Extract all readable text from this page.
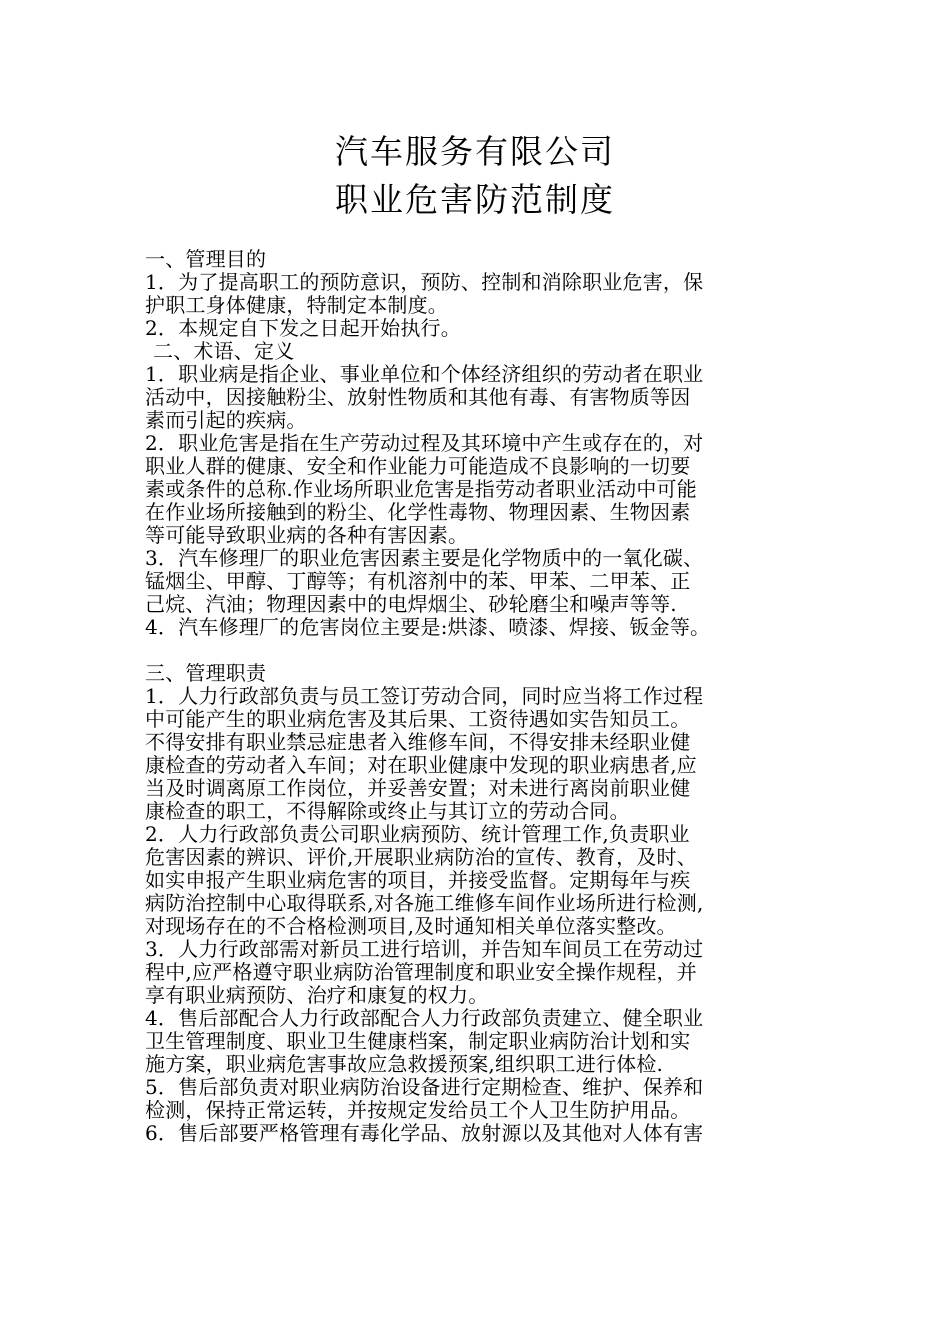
汽车服务有限公司
职业危害防范制度
一、管理目的
1．为了提高职工的预防意识，预防、控制和消除职业危害，保
护职工身体健康，特制定本制度。
2．本规定自下发之日起开始执行。
二、术语、定义
1．职业病是指企业、事业单位和个体经济组织的劳动者在职业
活动中，因接触粉尘、放射性物质和其他有毒、有害物质等因
素而引起的疾病。
2．职业危害是指在生产劳动过程及其环境中产生或存在的，对
职业人群的健康、安全和作业能力可能造成不良影响的一切要
素或条件的总称.作业场所职业危害是指劳动者职业活动中可能
在作业场所接触到的粉尘、化学性毒物、物理因素、生物因素
等可能导致职业病的各种有害因素。
3．汽车修理厂的职业危害因素主要是化学物质中的一氧化碳、
锰烟尘、甲醇、丁醇等；有机溶剂中的苯、甲苯、二甲苯、正
己烷、汽油；物理因素中的电焊烟尘、砂轮磨尘和噪声等等.
4．汽车修理厂的危害岗位主要是:烘漆、喷漆、焊接、钣金等。
三、管理职责
1．人力行政部负责与员工签订劳动合同，同时应当将工作过程
中可能产生的职业病危害及其后果、工资待遇如实告知员工。
不得安排有职业禁忌症患者入维修车间，不得安排未经职业健
康检查的劳动者入车间；对在职业健康中发现的职业病患者,应
当及时调离原工作岗位，并妥善安置；对未进行离岗前职业健
康检查的职工，不得解除或终止与其订立的劳动合同。
2．人力行政部负责公司职业病预防、统计管理工作,负责职业
危害因素的辨识、评价,开展职业病防治的宣传、教育，及时、
如实申报产生职业病危害的项目，并接受监督。定期每年与疾
病防治控制中心取得联系,对各施工维修车间作业场所进行检测,
对现场存在的不合格检测项目,及时通知相关单位落实整改。
3．人力行政部需对新员工进行培训，并告知车间员工在劳动过
程中,应严格遵守职业病防治管理制度和职业安全操作规程，并
享有职业病预防、治疗和康复的权力。
4．售后部配合人力行政部配合人力行政部负责建立、健全职业
卫生管理制度、职业卫生健康档案，制定职业病防治计划和实
施方案，职业病危害事故应急救援预案,组织职工进行体检.
5．售后部负责对职业病防治设备进行定期检查、维护、保养和
检测，保持正常运转，并按规定发给员工个人卫生防护用品。
6．售后部要严格管理有毒化学品、放射源以及其他对人体有害
